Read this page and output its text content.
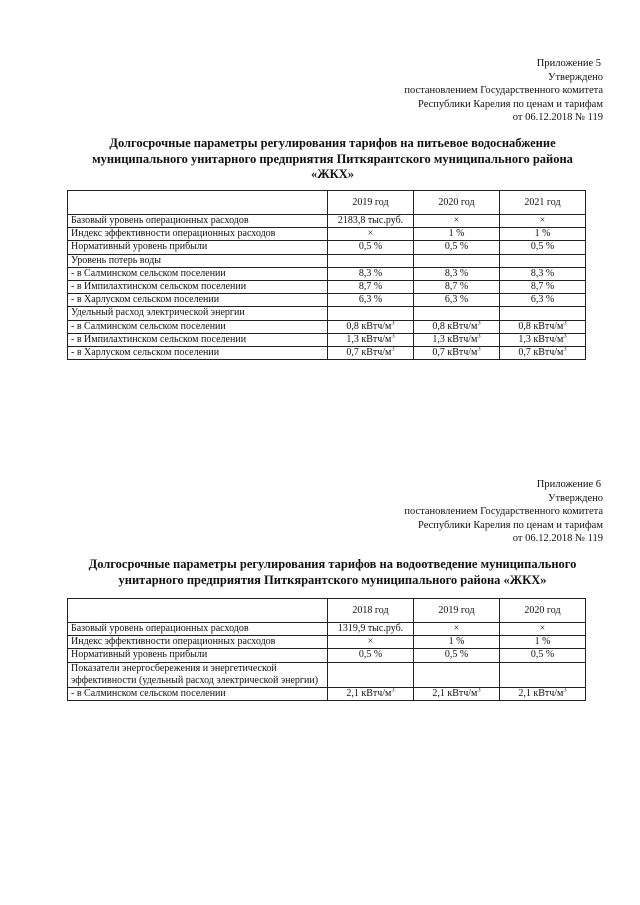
Приложение 5
Утверждено
постановлением Государственного комитета
Республики Карелия по ценам и тарифам
от 06.12.2018 № 119
Долгосрочные параметры регулирования тарифов на питьевое водоснабжение
муниципального унитарного предприятия Питкярантского муниципального района
«ЖКХ»
	2019 год	2020 год	2021 год
Базовый уровень операционных расходов	2183,8 тыс.руб.	×	×
Индекс эффективности операционных расходов	×	1 %	1 %
Нормативный уровень прибыли	0,5 %	0,5 %	0,5 %
Уровень потерь воды			
- в Салминском сельском поселении	8,3 %	8,3 %	8,3 %
- в Импилахтинском сельском поселении	8,7 %	8,7 %	8,7 %
- в Харлуском сельском поселении	6,3 %	6,3 %	6,3 %
Удельный расход электрической энергии			
- в Салминском сельском поселении	0,8 кВтч/$м^3$	0,8 кВтч/$м^3$	0,8 кВтч/$м^3$
- в Импилахтинском сельском поселении	1,3 кВтч/$м^3$	1,3 кВтч/$м^3$	1,3 кВтч/$м^3$
- в Харлуском сельском поселении	0,7 кВтч/$м^3$	0,7 кВтч/$м^3$	0,7 кВтч/$м^3$
Приложение 6
Утверждено
постановлением Государственного комитета
Республики Карелия по ценам и тарифам
от 06.12.2018 № 119
Долгосрочные параметры регулирования тарифов на водоотведение муниципального
унитарного предприятия Питкярантского муниципального района «ЖКХ»
	2018 год	2019 год	2020 год
Базовый уровень операционных расходов	1319,9 тыс.руб.	×	×
Индекс эффективности операционных расходов	×	1 %	1 %
Нормативный уровень прибыли	0,5 %	0,5 %	0,5 %
Показатели энергосбережения и энергетической эффективности (удельный расход электрической энергии)			
- в Салминском сельском поселении	2,1 кВтч/$м^3$	2,1 кВтч/$м^3$	2,1 кВтч/$м^3$
